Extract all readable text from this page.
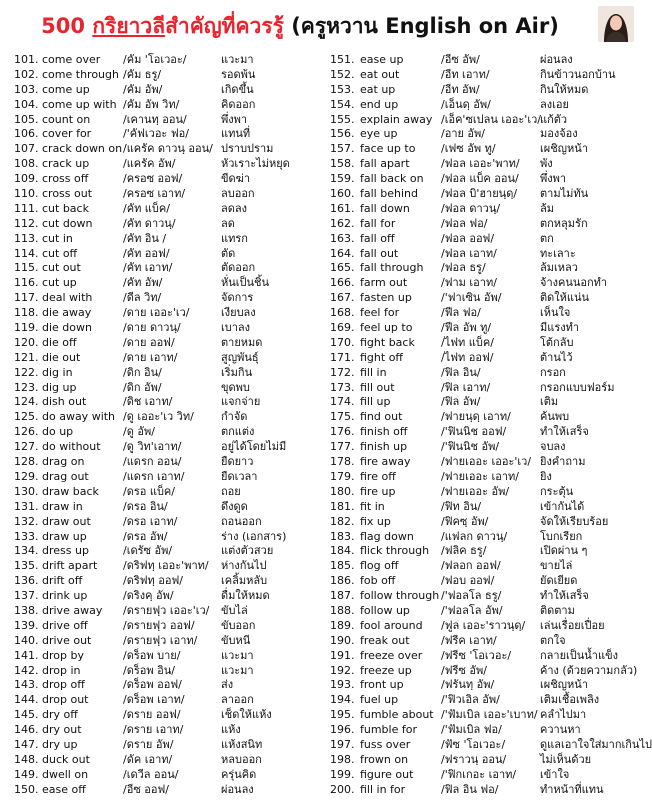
500 กริยาวลีสำคัญที่ควรรู้ (ครูหวาน English on Air)
101. come over	/คัม 'โอเวอะ/	แวะมา
102. come through /คัม ธรู/	รอดพ้น
103. come up	/คัม อัพ/	เกิดขึ้น
104. come up with /คัม อัพ วิท/	คิดออก
105. count on	/เคานทฺ ออน/	พึ่งพา
106. cover for	/'คัฟเวอะ ฟอ/	แทนที่
107. crack down on /แครัค ดาวนฺ ออน/ ปราบปราม
108. crack up	/แครัค อัพ/	หัวเราะไม่หยุด
109. cross off	/ครอซ ออฟ/	ขีดฆ่า
110. cross out	/ครอซ เอาท/	ลบออก
111. cut back	/คัท แบ็ค/	ลดลง
112. cut down	/คัท ดาวนฺ/	ลด
113. cut in	/คัท อิน /	แทรก
114. cut off	/คัท ออฟ/	ตัด
115. cut out	/คัท เอาท/	ตัดออก
116. cut up	/คัท อัพ/	หั่นเป็นชิ้น
117. deal with	/ดีล วิท/	จัดการ
118. die away	/ดาย เออะ'เว/	เงียบลง
119. die down	/ดาย ดาวนฺ/	เบาลง
120. die off	/ดาย ออฟ/	ตายหมด
121. die out	/ดาย เอาท/	สูญพันธุ์
122. dig in	/ดิก อิน/	เริ่มกิน
123. dig up	/ดิก อัพ/	ขุดพบ
124. dish out	/ดิช เอาท/	แจกจ่าย
125. do away with /ดู เออะ'เว วิท/	กำจัด
126. do up	/ดู อัพ/	ตกแต่ง
127. do without	/ดู วิท'เอาท/	อยู่ได้โดยไม่มี
128. drag on	/แดรก ออน/	ยืดยาว
129. drag out	/แดรก เอาท/	ยืดเวลา
130. draw back	/ดรอ แบ็ค/	ถอย
131. draw in	/ดรอ อิน/	ดึงดูด
132. draw out	/ดรอ เอาท/	ถอนออก
133. draw up	/ดรอ อัพ/	ร่าง (เอกสาร)
134. dress up	/เดรัซ อัพ/	แต่งตัวสวย
135. drift apart	/ดริฟทฺ เออะ'พาท/	ห่างกันไป
136. drift off	/ดริฟทฺ ออฟ/	เคลิ้มหลับ
137. drink up	/ดริงคฺ อัพ/	ดื่มให้หมด
138. drive away	/ดรายฟฺว เออะ'เว/	ขับไล่
139. drive off	/ดรายฟฺว ออฟ/	ขับออก
140. drive out	/ดรายฟฺว เอาท/	ขับหนี
141. drop by	/ดร็อพ บาย/	แวะมา
142. drop in	/ดร็อพ อิน/	แวะมา
143. drop off	/ดร็อพ ออฟ/	ส่ง
144. drop out	/ดร็อพ เอาท/	ลาออก
145. dry off	/ดราย ออฟ/	เช็ดให้แห้ง
146. dry out	/ดราย เอาท/	แห้ง
147. dry up	/ดราย อัพ/	แห้งสนิท
148. duck out	/ดัค เอาท/	หลบออก
149. dwell on	/เดวีล ออน/	ครุ่นคิด
150. ease off	/อีซ ออฟ/	ผ่อนลง
151. ease up	/อีซ อัพ/	ผ่อนลง
152. eat out	/อีท เอาท/	กินข้าวนอกบ้าน
153. eat up	/อีท อัพ/	กินให้หมด
154. end up	/เอ็นดฺ อัพ/	ลงเอย
155. explain away /เอ็ค'ซเปลน เออะ'เว/ แก้ตัว
156. eye up	/อาย อัพ/	มองจ้อง
157. face up to	/เฟซ อัพ ทู/	เผชิญหน้า
158. fall apart	/ฟอล เออะ'พาท/	พัง
159. fall back on	/ฟอล แบ็ค ออน/	พึ่งพา
160. fall behind	/ฟอล บิ'ฮายนฺดฺ/	ตามไม่ทัน
161. fall down	/ฟอล ดาวนฺ/	ล้ม
162. fall for	/ฟอล ฟอ/	ตกหลุมรัก
163. fall off	/ฟอล ออฟ/	ตก
164. fall out	/ฟอล เอาท/	ทะเลาะ
165. fall through	/ฟอล ธรู/	ล้มเหลว
166. farm out	/ฟาม เอาท/	จ้างคนนอกทำ
167. fasten up	/'ฟาเซิน อัพ/	ติดให้แน่น
168. feel for	/ฟีล ฟอ/	เห็นใจ
169. feel up to	/ฟีล อัพ ทู/	มีแรงทำ
170. fight back	/ไฟท แบ็ค/	โต้กลับ
171. fight off	/ไฟท ออฟ/	ต้านไว้
172. fill in	/ฟิล อิน/	กรอก
173. fill out	/ฟิล เอาท/	กรอกแบบฟอร์ม
174. fill up	/ฟิล อัพ/	เติม
175. find out	/ฟายนฺดฺ เอาท/	ค้นพบ
176. finish off	/'ฟินนิช ออฟ/	ทำให้เสร็จ
177. finish up	/'ฟินนิช อัพ/	จบลง
178. fire away	/ฟายเออะ เออะ'เว/ ยิงคำถาม
179. fire off	/ฟายเออะ เอาท/	ยิง
180. fire up	/ฟายเออะ อัพ/	กระตุ้น
181. fit in	/ฟิท อิน/	เข้ากันได้
182. fix up	/ฟิคซฺ อัพ/	จัดให้เรียบร้อย
183. flag down	/แฟลก ดาวนฺ/	โบกเรียก
184. flick through	/ฟลิค ธรู/	เปิดผ่าน ๆ
185. flog off	/ฟลอก ออฟ/	ขายไล่
186. fob off	/ฟอบ ออฟ/	ยัดเยียด
187. follow through /'ฟอลโล ธรู/	ทำให้เสร็จ
188. follow up	/'ฟอลโล อัพ/	ติดตาม
189. fool around	/ฟูล เออะ'ราวนฺดฺ/	เล่นเรื่อยเปื่อย
190. freak out	/ฟรีค เอาท/	ตกใจ
191. freeze over	/ฟรีซ 'โอเวอะ/	กลายเป็นน้ำแข็ง
192. freeze up	/ฟรีซ อัพ/	ค้าง (ด้วยความกลัว)
193. front up	/ฟรันทฺ อัพ/	เผชิญหน้า
194. fuel up	/'ฟิวเอิล อัพ/	เติมเชื้อเพลิง
195. fumble about /'ฟัมเบิล เออะ'เบาท/ คลำไปมา
196. fumble for	/'ฟัมเบิล ฟอ/	ควานหา
197. fuss over	/ฟัซ 'โอเวอะ/	ดูแลเอาใจใส่มากเกินไป
198. frown on	/ฟราวนฺ ออน/	ไม่เห็นด้วย
199. figure out	/'ฟิกเกอะ เอาท/	เข้าใจ
200. fill in for	/ฟิล อิน ฟอ/	ทำหน้าที่แทน
